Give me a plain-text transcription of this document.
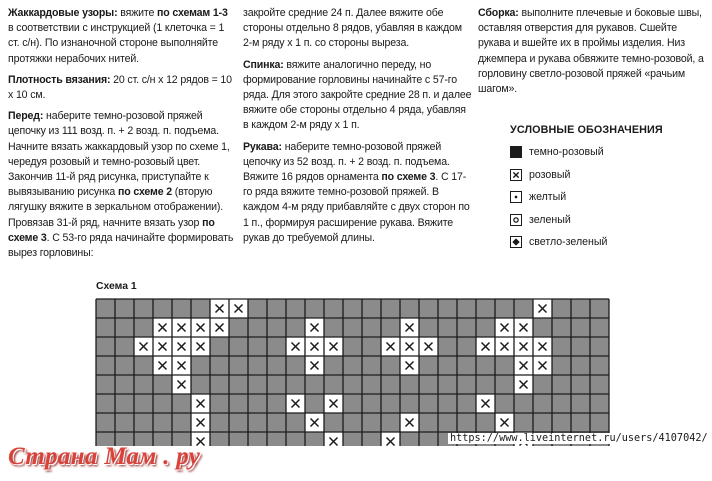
Жаккардовые узоры: вяжите по схемам 1-3 в соответствии с инструкцией (1 клеточка = 1 ст. с/н). По изнаночной стороне выполняйте протяжки нерабочих нитей.

Плотность вязания: 20 ст. с/н х 12 рядов = 10 х 10 см.

Перед: наберите темно-розовой пряжей цепочку из 111 возд. п. + 2 возд. п. подъема. Начните вязать жаккардовый узор по схеме 1, чередуя розовый и темно-розовый цвет. Закончив 11-й ряд рисунка, приступайте к вывязыванию рисунка по схеме 2 (вторую лягушку вяжите в зеркальном отображении). Провязав 31-й ряд, начните вязать узор по схеме 3. С 53-го ряда начинайте формировать вырез горловины:

закройте средние 24 п. Далее вяжите обе стороны отдельно 8 рядов, убавляя в каждом 2-м ряду х 1 п. со стороны выреза.

Спинка: вяжите аналогично переду, но формирование горловины начинайте с 57-го ряда. Для этого закройте средние 28 п. и далее вяжите обе стороны отдельно 4 ряда, убавляя в каждом 2-м ряду х 1 п.

Рукава: наберите темно-розовой пряжей цепочку из 52 возд. п. + 2 возд. п. подъема. Вяжите 16 рядов орнамента по схеме 3. С 17-го ряда вяжите темно-розовой пряжей. В каждом 4-м ряду прибавляйте с двух сторон по 1 п., формируя расширение рукава. Вяжите рукав до требуемой длины.

Сборка: выполните плечевые и боковые швы, оставляя отверстия для рукавов. Сшейте рукава и вшейте их в проймы изделия. Низ джемпера и рукава обвяжите темно-розовой, а горловину светло-розовой пряжей «рачьим шагом».

УСЛОВНЫЕ ОБОЗНАЧЕНИЯ
темно-розовый
розовый
желтый
зеленый
светло-зеленый
Схема 1
https://www.liveinternet.ru/users/4107042/
Страна Мам . ру
